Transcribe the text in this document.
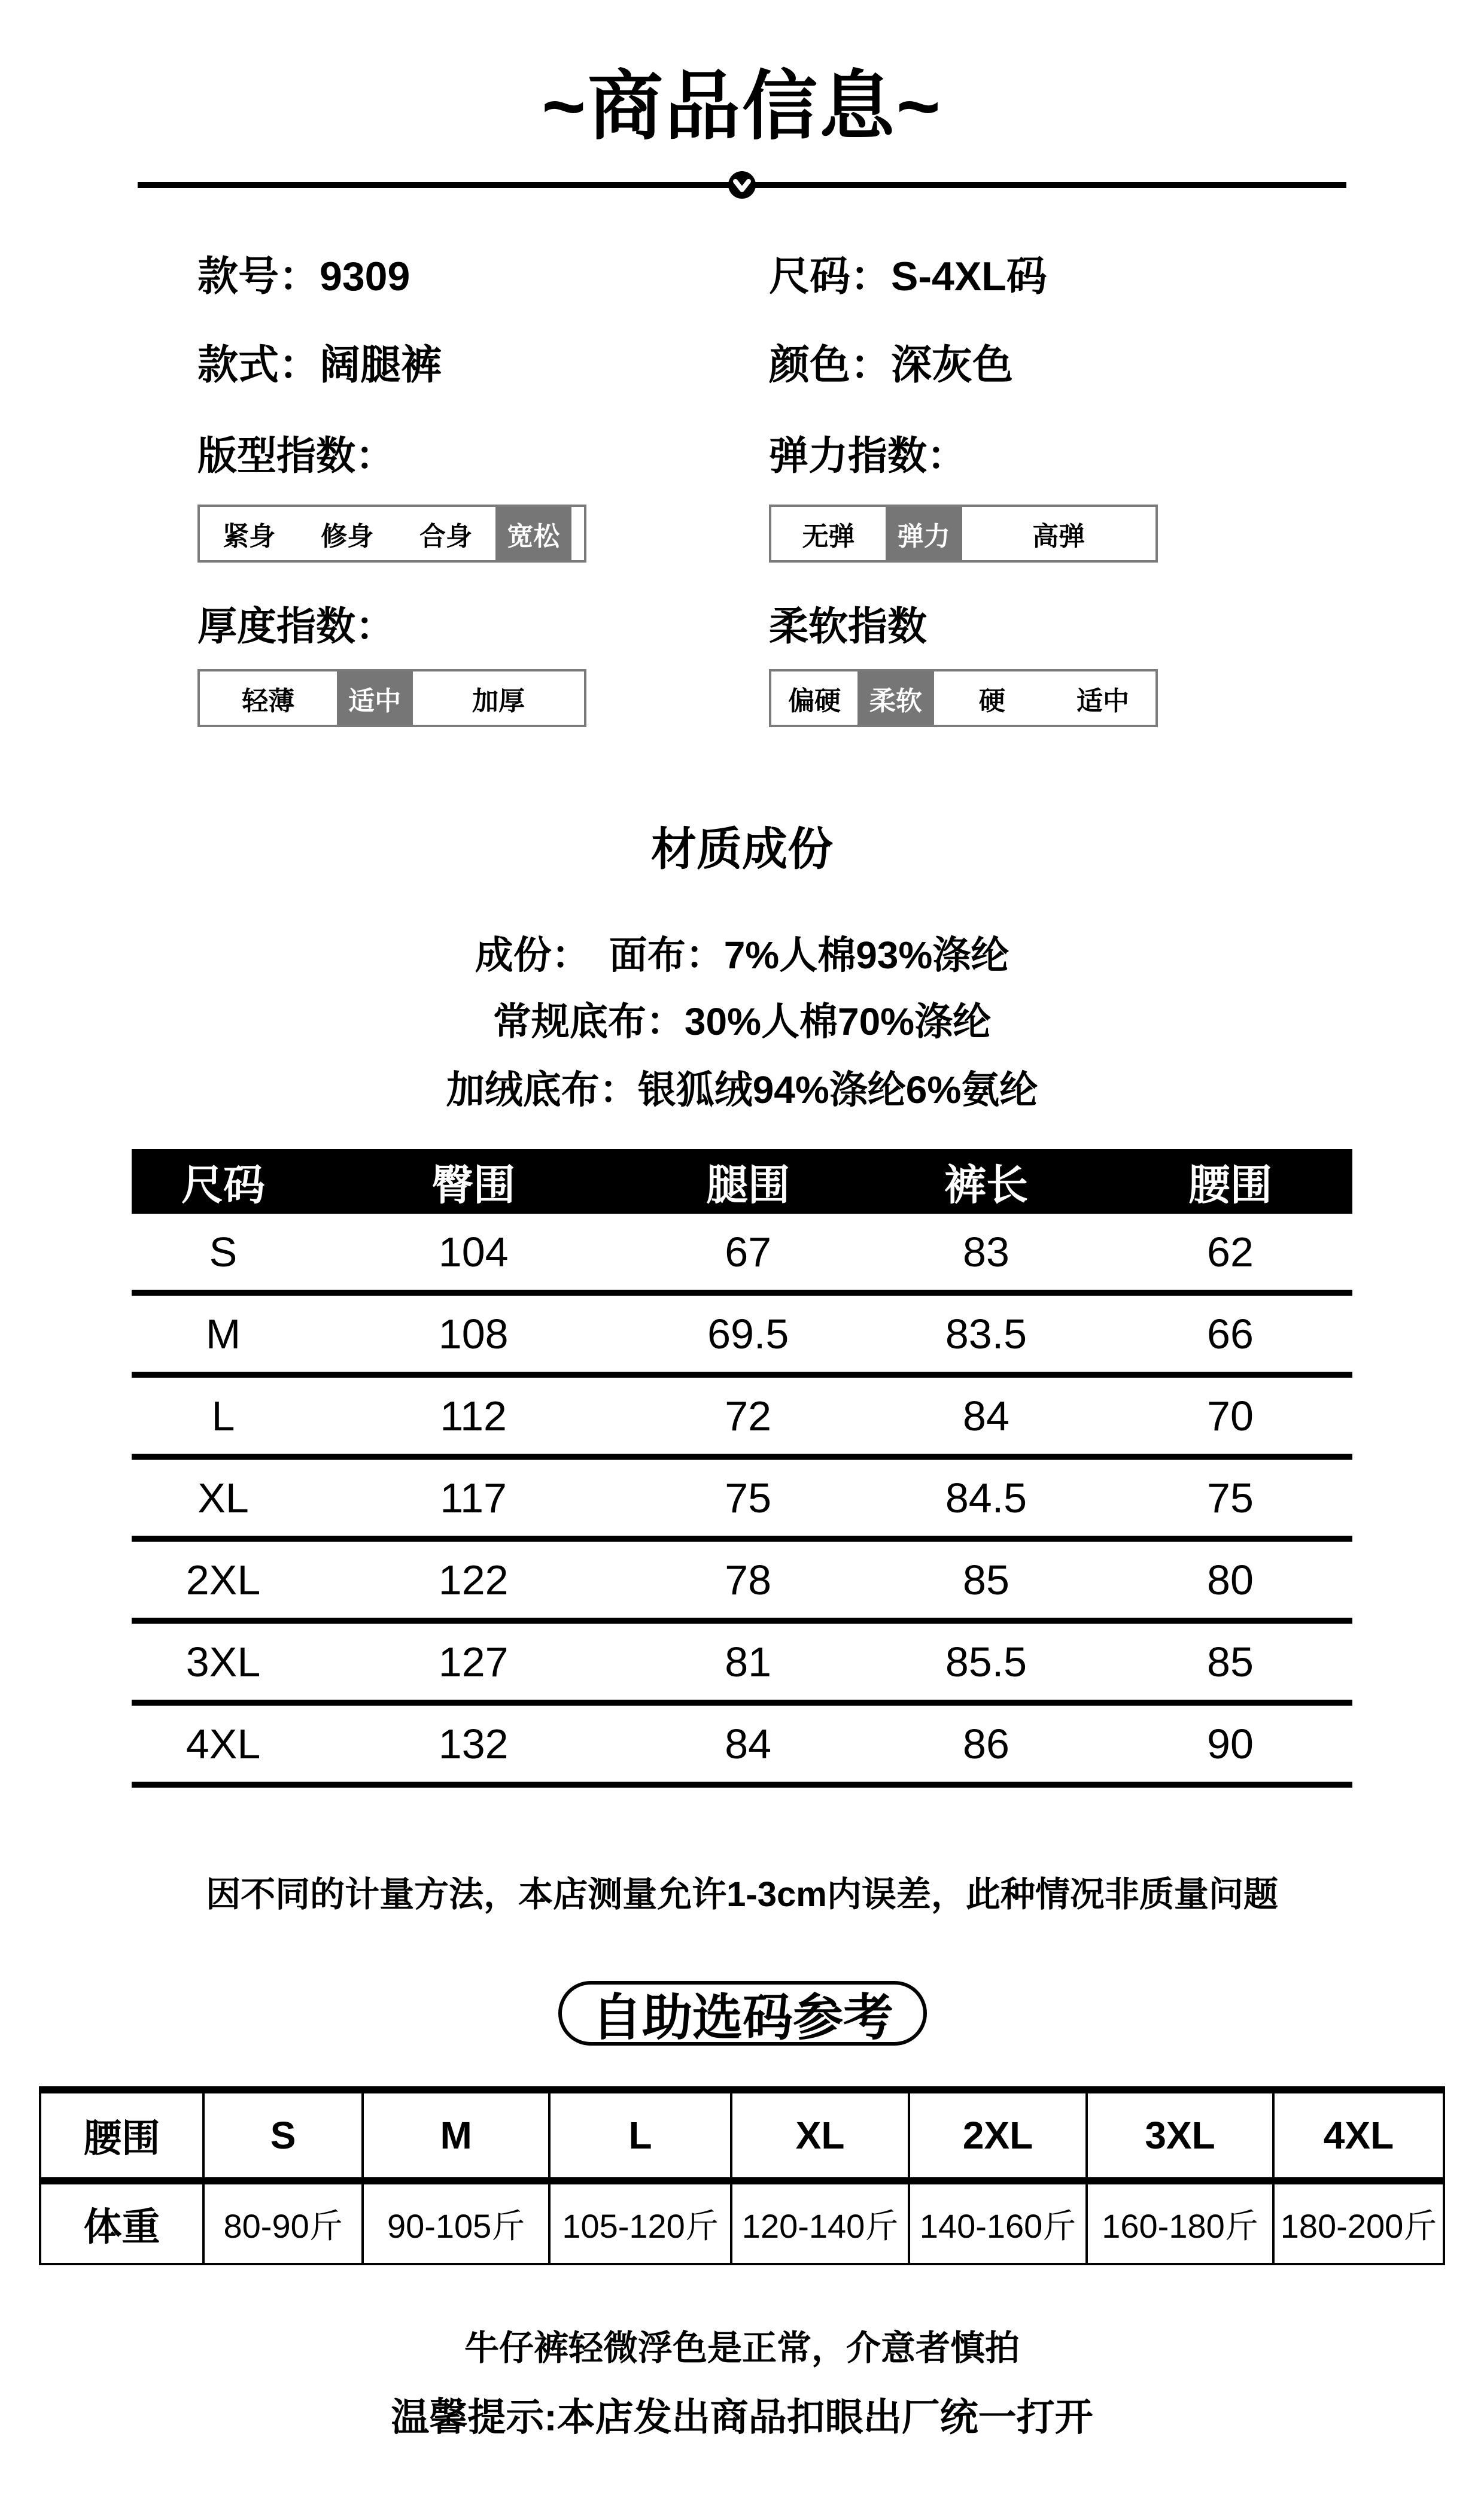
~商品信息~
款号：9309	尺码：S-4XL码
款式：阔腿裤	颜色：深灰色
版型指数：	弹力指数：
厚度指数：	柔软指数
紧身	修身	合身	宽松	无弹	弹力	高弹
轻薄	适中	加厚	偏硬	柔软	硬	适中
材质成份
成份：　面布：7%人棉93%涤纶
常规底布：30%人棉70%涤纶
加绒底布：银狐绒94%涤纶6%氨纶
尺码	臀围	腿围	裤长	腰围
S	104	67	83	62
M	108	69.5	83.5	66
L	112	72	84	70
XL	117	75	84.5	75
2XL	122	78	85	80
3XL	127	81	85.5	85
4XL	132	84	86	90
因不同的计量方法，本店测量允许1-3cm内误差，此种情况非质量问题
自助选码参考
腰围	S	M	L	XL	2XL	3XL	4XL
体重	80-90斤	90-105斤	105-120斤 120-140斤 140-160斤 160-180斤 180-200斤
牛仔裤轻微浮色是正常，介意者慎拍
温馨提示:本店发出商品扣眼出厂统一打开
